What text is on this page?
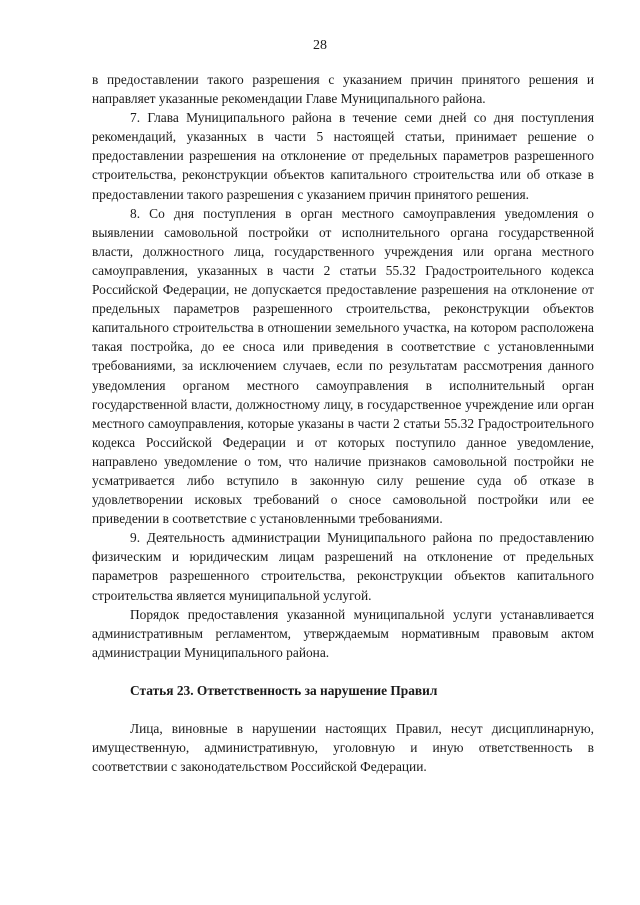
28

в предоставлении такого разрешения с указанием причин принятого решения и направляет указанные рекомендации Главе Муниципального района.

7. Глава Муниципального района в течение семи дней со дня поступления рекомендаций, указанных в части 5 настоящей статьи, принимает решение о предоставлении разрешения на отклонение от предельных параметров разрешенного строительства, реконструкции объектов капитального строительства или об отказе в предоставлении такого разрешения с указанием причин принятого решения.

8. Со дня поступления в орган местного самоуправления уведомления о выявлении самовольной постройки от исполнительного органа государственной власти, должностного лица, государственного учреждения или органа местного самоуправления, указанных в части 2 статьи 55.32 Градостроительного кодекса Российской Федерации, не допускается предоставление разрешения на отклонение от предельных параметров разрешенного строительства, реконструкции объектов капитального строительства в отношении земельного участка, на котором расположена такая постройка, до ее сноса или приведения в соответствие с установленными требованиями, за исключением случаев, если по результатам рассмотрения данного уведомления органом местного самоуправления в исполнительный орган государственной власти, должностному лицу, в государственное учреждение или орган местного самоуправления, которые указаны в части 2 статьи 55.32 Градостроительного кодекса Российской Федерации и от которых поступило данное уведомление, направлено уведомление о том, что наличие признаков самовольной постройки не усматривается либо вступило в законную силу решение суда об отказе в удовлетворении исковых требований о сносе самовольной постройки или ее приведении в соответствие с установленными требованиями.

9. Деятельность администрации Муниципального района по предоставлению физическим и юридическим лицам разрешений на отклонение от предельных параметров разрешенного строительства, реконструкции объектов капитального строительства является муниципальной услугой.

Порядок предоставления указанной муниципальной услуги устанавливается административным регламентом, утверждаемым нормативным правовым актом администрации Муниципального района.

Статья 23. Ответственность за нарушение Правил

Лица, виновные в нарушении настоящих Правил, несут дисциплинарную, имущественную, административную, уголовную и иную ответственность в соответствии с законодательством Российской Федерации.
